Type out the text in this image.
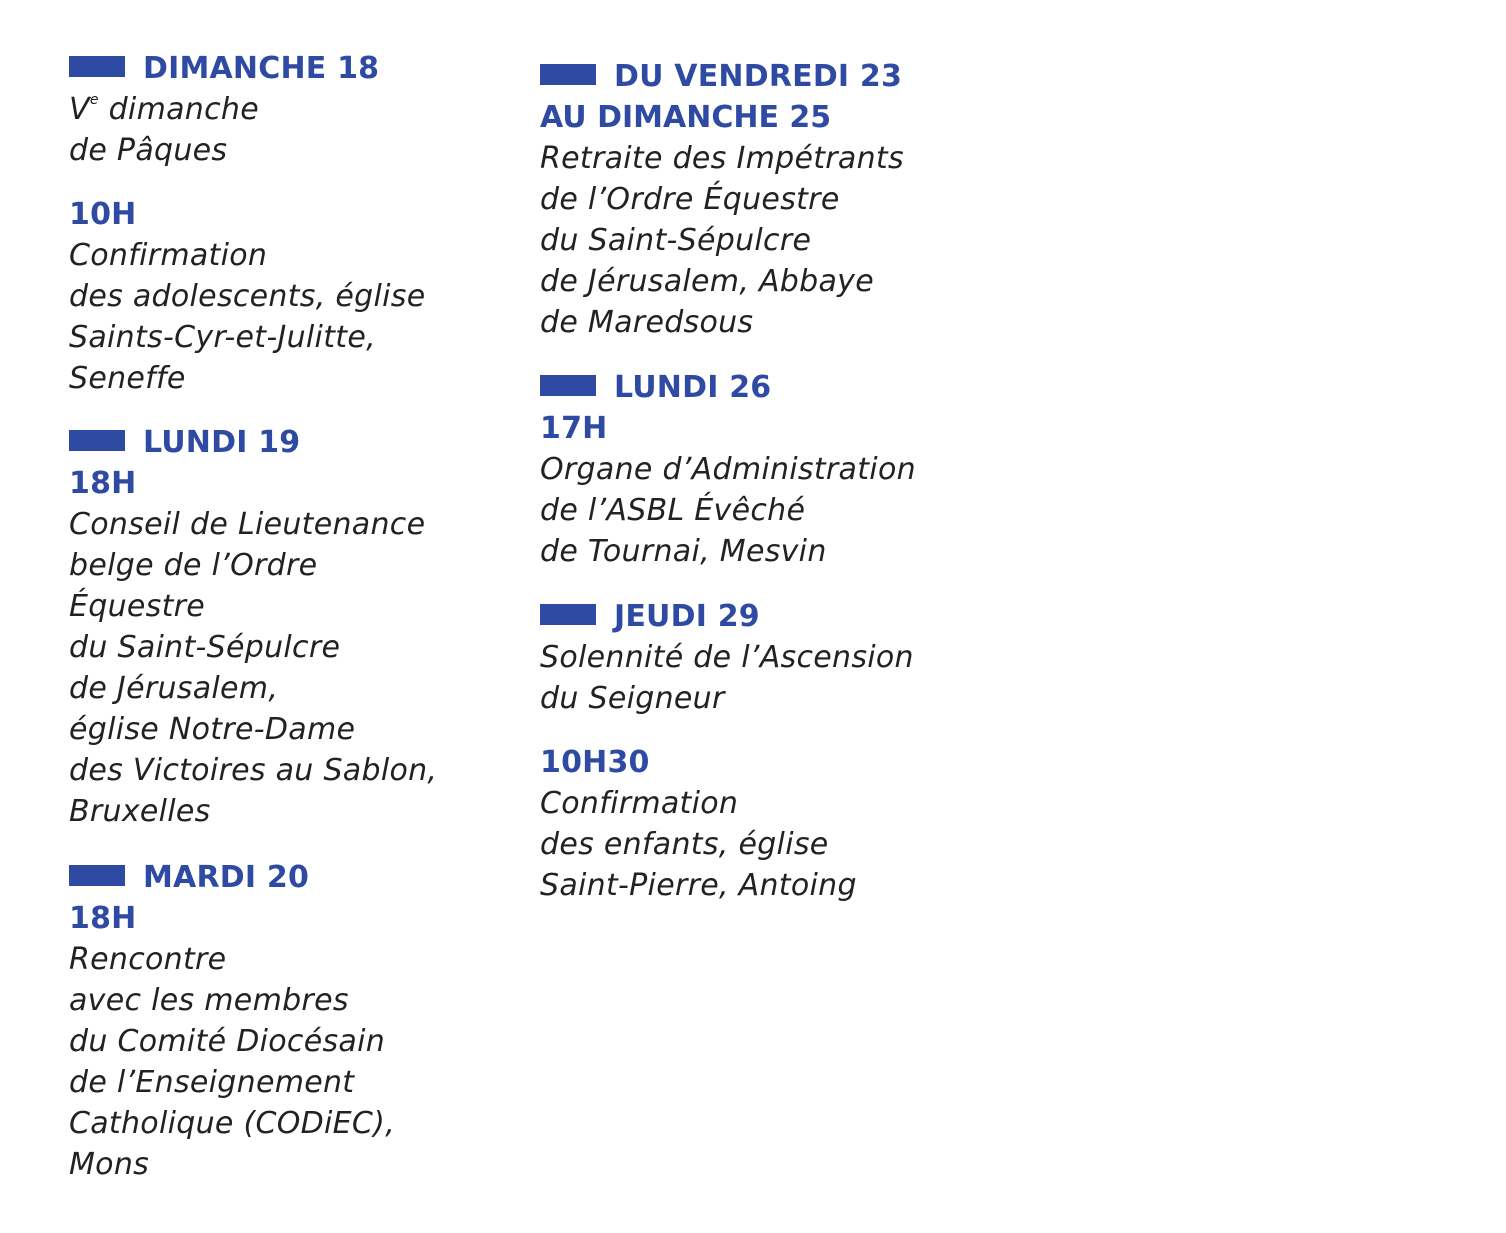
DIMANCHE 18
Ve dimanche
de Pâques
10H
Confirmation
des adolescents, église
Saints-Cyr-et-Julitte,
Seneffe
LUNDI 19
18H
Conseil de Lieutenance
belge de l’Ordre
Équestre
du Saint-Sépulcre
de Jérusalem,
église Notre-Dame
des Victoires au Sablon,
Bruxelles
MARDI 20
18H
Rencontre
avec les membres
du Comité Diocésain
de l’Enseignement
Catholique (CODiEC),
Mons
DU VENDREDI 23
AU DIMANCHE 25
Retraite des Impétrants
de l’Ordre Équestre
du Saint-Sépulcre
de Jérusalem, Abbaye
de Maredsous
LUNDI 26
17H
Organe d’Administration
de l’ASBL Évêché
de Tournai, Mesvin
JEUDI 29
Solennité de l’Ascension
du Seigneur
10H30
Confirmation
des enfants, église
Saint-Pierre, Antoing
